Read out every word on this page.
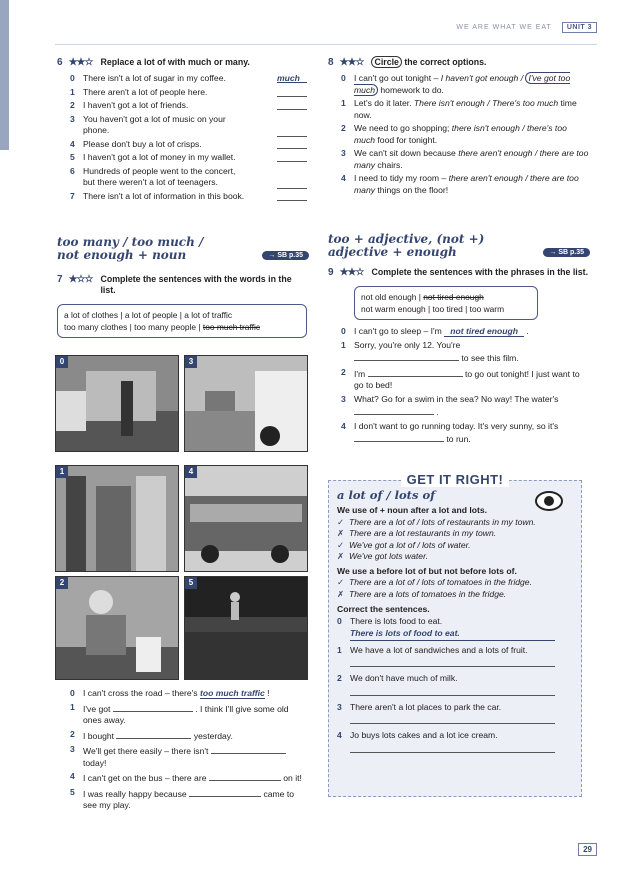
WE ARE WHAT WE EAT	UNIT 3
6 ★★☆ Replace a lot of with much or many.
0 There isn't a lot of sugar in my coffee.	much
1 There aren't a lot of people here.
2 I haven't got a lot of friends.
3 You haven't got a lot of music on your phone.
4 Please don't buy a lot of crisps.
5 I haven't got a lot of money in my wallet.
6 Hundreds of people went to the concert, but there weren't a lot of teenagers.
7 There isn't a lot of information in this book.
8 ★★☆	Circle the correct options.
0 I can't go out tonight – I haven't got enough / I've got too much homework to do.
1 Let's do it later. There isn't enough / There's too much time now.
2 We need to go shopping; there isn't enough / there's too much food for tonight.
3 We can't sit down because there aren't enough / there are too many chairs.
4 I need to tidy my room – there aren't enough / there are too many things on the floor!
too many / too much /
not enough + noun	→ SB p.35
too + adjective, (not +)
adjective + enough	→ SB p.35
7 ★☆☆ Complete the sentences with the words in the list.
a lot of clothes | a lot of people | a lot of traffic
too many clothes | too many people | too much traffic
0	3
1	4
2	5
0 I can't cross the road – there's too much traffic !
1 I've got	. I think I'll give some old ones away.
2 I bought	yesterday.
3 We'll get there easily – there isn't  today!
4 I can't get on the bus – there are	on it!
5 I was really happy because	came to see my play.
9 ★★☆ Complete the sentences with the phrases in the list.
not old enough | not tired enough
not warm enough | too tired | too warm
0 I can't go to sleep – I'm not tired enough .
1 Sorry, you're only 12. You're
to see this film.
2 I'm	to go out tonight! I just want to go to bed!
3 What? Go for a swim in the sea? No way! The water's  .
4 I don't want to go running today. It's very sunny, so it's  to run.
GET IT RIGHT!
a lot of / lots of
We use of + noun after a lot and lots.
✓ There are a lot of / lots of restaurants in my town.
✗ There are a lot restaurants in my town.
✓ We've got a lot of / lots of water.
✗ We've got lots water.
We use a before lot of but not before lots of.
✓ There are a lot of / lots of tomatoes in the fridge.
✗ There are a lots of tomatoes in the fridge.
Correct the sentences.
0 There is lots food to eat.
There is lots of food to eat.
1 We have a lot of sandwiches and a lots of fruit.
2 We don't have much of milk.
3 There aren't a lot places to park the car.
4 Jo buys lots cakes and a lot ice cream.
29
